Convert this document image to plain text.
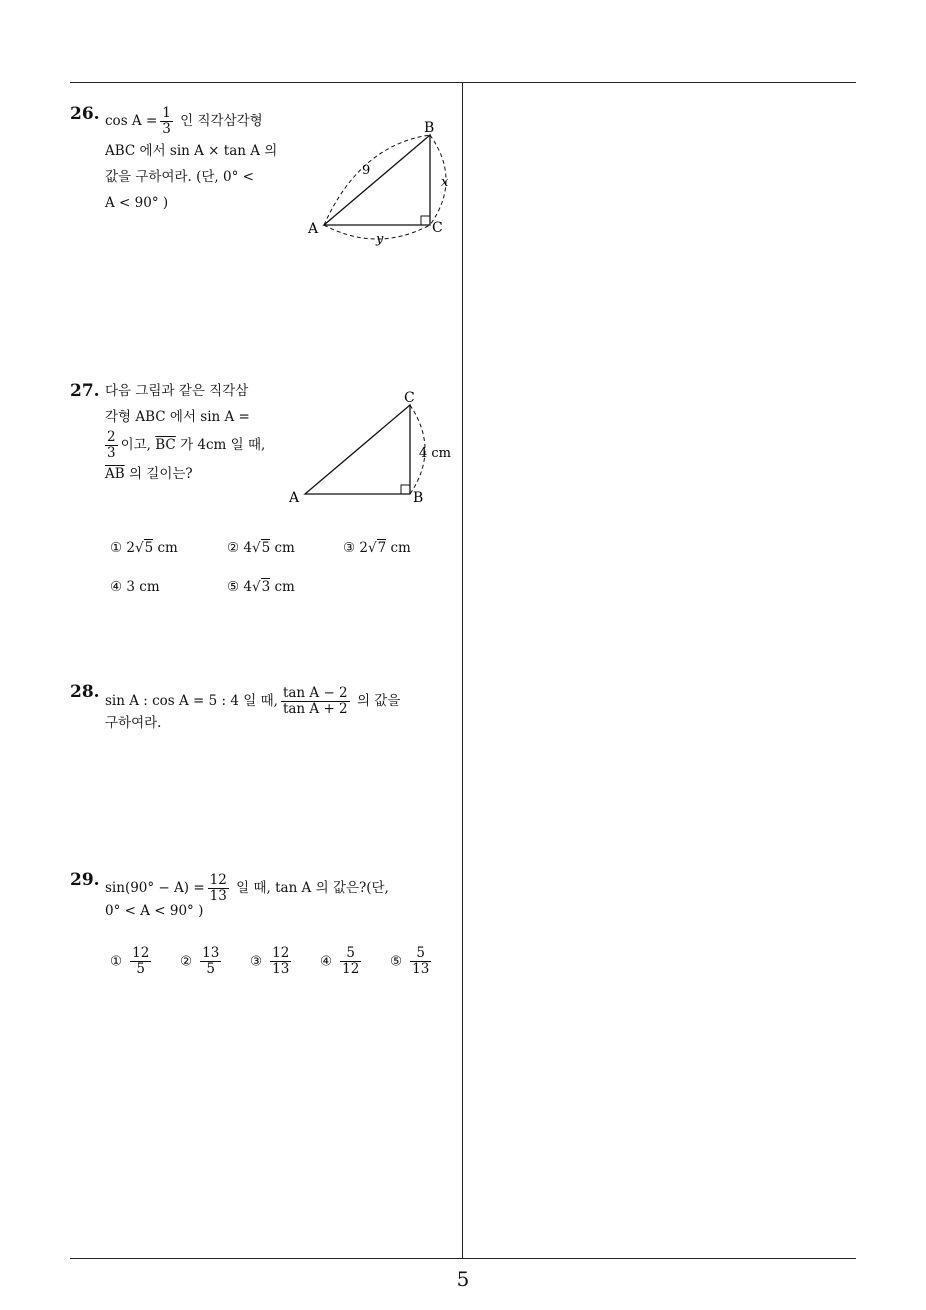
26. $\cos A = \frac{1}{3}$ 인 직각삼각형
ABC 에서 sin A × tan A 의
값을 구하여라. (단, 0° <
A < 90° )
A
B
C
9
x
y
27. 다음 그림과 같은 직각삼
각형 ABC 에서 sin A =
$\frac{2}{3}$ 이고, $\overline{BC}$ 가 4cm 일 때,
$\overline{AB}$ 의 길이는?
A	B
C
4 cm
① 2√5 cm	② 4√5 cm	③ 2√7 cm
④ 3 cm	⑤ 4√3 cm
28. sin A : cos A = 5 : 4 일 때, $\frac{\text{tan A − 2}}{\text{tan A + 2}}$ 의 값을
구하여라.
29. $\sin(90^\circ - A) = \frac{12}{13}$ 일 때, tan A 의 값은?(단,
0° < A < 90° )
① $\frac{12}{5}$ ② $\frac{13}{5}$ ③ $\frac{12}{13}$ ④ $\frac{5}{12}$ ⑤ $\frac{5}{13}$
5
